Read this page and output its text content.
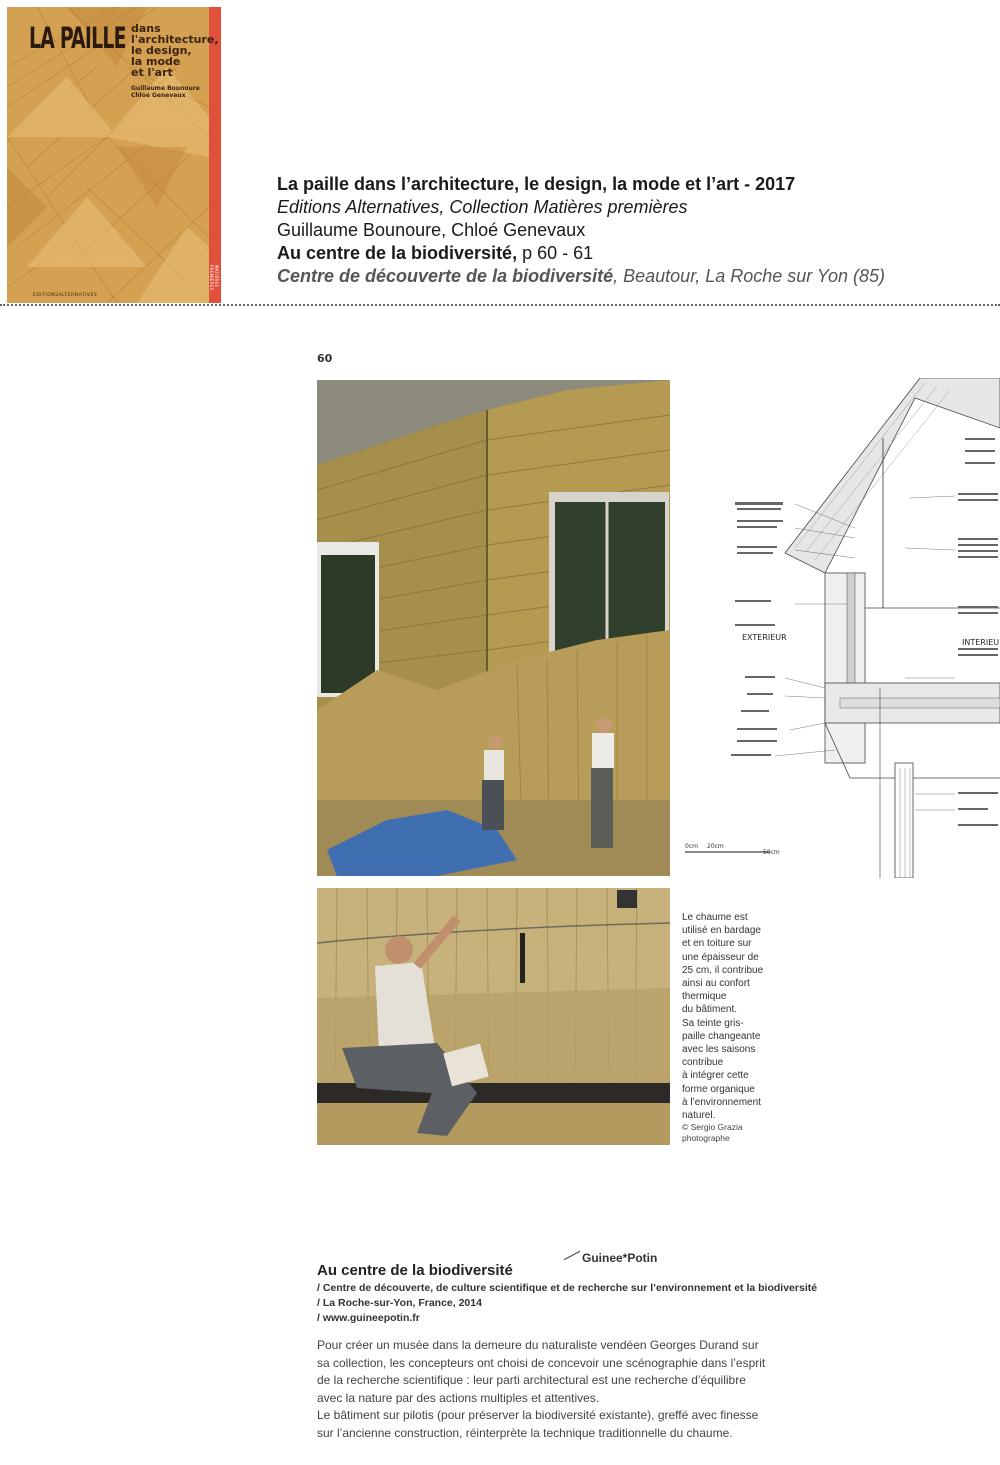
MATIÈRES PREMIÈRES
LA PAILLE dans
l'architecture,
le design,
la mode
et l'art
Guillaume Bounoure
Chloé Genevaux
ÉDITIONSALTERNATIVES
La paille dans l’architecture, le design, la mode et l’art - 2017
Editions Alternatives, Collection Matières premières
Guillaume Bounoure, Chloé Genevaux
Au centre de la biodiversité, p 60 - 61
Centre de découverte de la biodiversité, Beautour, La Roche sur Yon (85)
60
EXTERIEUR
INTERIEU
0cm 20cm
50cm
Le chaume est
utilisé en bardage
et en toiture sur
une épaisseur de
25 cm, il contribue
ainsi au confort
thermique
du bâtiment.
Sa teinte gris-
paille changeante
avec les saisons
contribue
à intégrer cette
forme organique
à l’environnement
naturel.
© Sergio Grazia
photographe
Au centre de la biodiversité
Guinee*Potin
/ Centre de découverte, de culture scientifique et de recherche sur l’environnement et la biodiversité
/ La Roche-sur-Yon, France, 2014
/ www.guineepotin.fr
Pour créer un musée dans la demeure du naturaliste vendéen Georges Durand sur
sa collection, les concepteurs ont choisi de concevoir une scénographie dans l’esprit
de la recherche scientifique : leur parti architectural est une recherche d’équilibre
avec la nature par des actions multiples et attentives.
Le bâtiment sur pilotis (pour préserver la biodiversité existante), greffé avec finesse
sur l’ancienne construction, réinterprète la technique traditionnelle du chaume.
